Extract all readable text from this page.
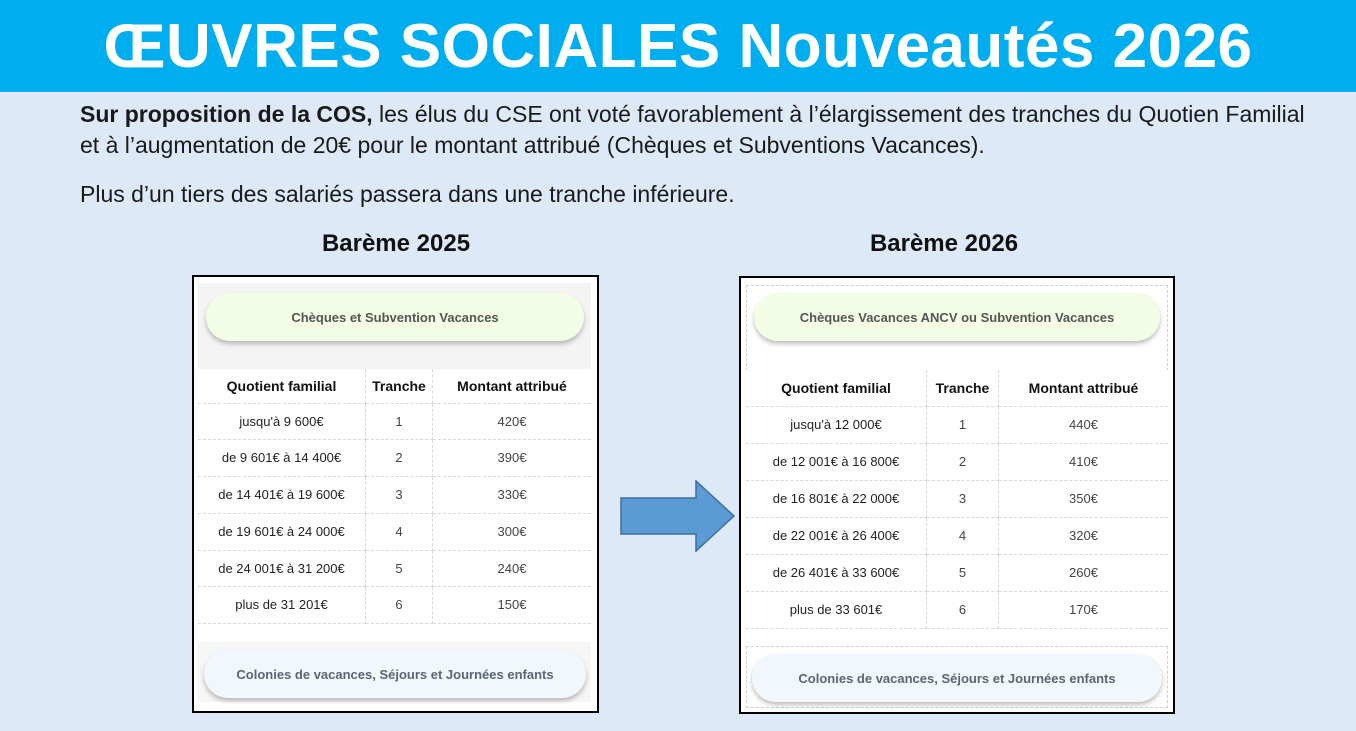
ŒUVRES SOCIALES Nouveautés 2026

Sur proposition de la COS, les élus du CSE ont voté favorablement à l’élargissement des tranches du Quotien Familial et à l’augmentation de 20€ pour le montant attribué (Chèques et Subventions Vacances).

Plus d’un tiers des salariés passera dans une tranche inférieure.

Barème 2025	Barème 2026
Chèques et Subvention Vacances
Quotient familial	Tranche	Montant attribué
jusqu'à 9 600€	1	420€
de 9 601€ à 14 400€	2	390€
de 14 401€ à 19 600€	3	330€
de 19 601€ à 24 000€	4	300€
de 24 001€ à 31 200€	5	240€
plus de 31 201€	6	150€
Colonies de vacances, Séjours et Journées enfants
Chèques Vacances ANCV ou Subvention Vacances
Quotient familial	Tranche	Montant attribué
jusqu'à 12 000€	1	440€
de 12 001€ à 16 800€	2	410€
de 16 801€ à 22 000€	3	350€
de 22 001€ à 26 400€	4	320€
de 26 401€ à 33 600€	5	260€
plus de 33 601€	6	170€
Colonies de vacances, Séjours et Journées enfants
